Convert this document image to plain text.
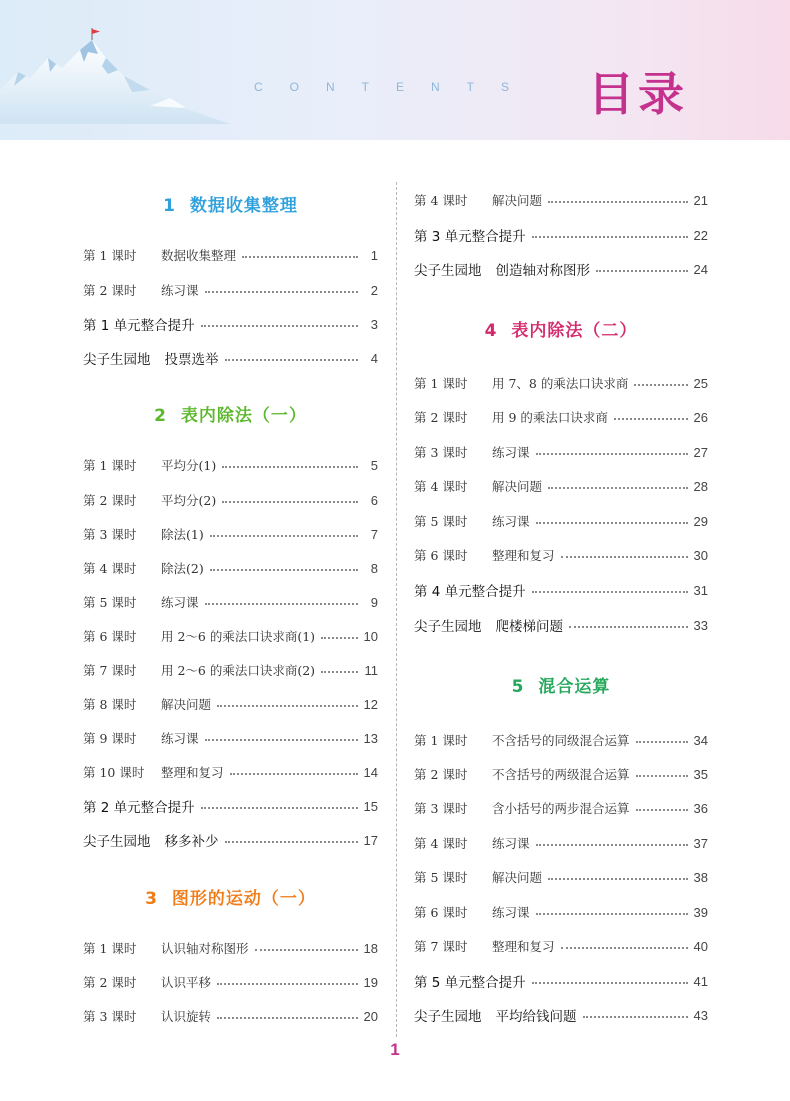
CONTENTS 目录
1 数据收集整理
第 1 课时 数据收集整理	1
第 2 课时 练习课	2
第 1 单元整合提升	3
尖子生园地 投票选举	4
2 表内除法（一）
第 1 课时 平均分(1)	5
第 2 课时 平均分(2)	6
第 3 课时 除法(1)	7
第 4 课时 除法(2)	8
第 5 课时 练习课	9
第 6 课时 用 2～6 的乘法口诀求商(1)	10
第 7 课时 用 2～6 的乘法口诀求商(2)	11
第 8 课时 解决问题	12
第 9 课时 练习课	13
第 10 课时 整理和复习	14
第 2 单元整合提升	15
尖子生园地 移多补少	17
3 图形的运动（一）
第 1 课时 认识轴对称图形	18
第 2 课时 认识平移	19
第 3 课时 认识旋转	20
第 4 课时 解决问题	21
第 3 单元整合提升	22
尖子生园地 创造轴对称图形	24
4 表内除法（二）
第 1 课时 用 7、8 的乘法口诀求商	25
第 2 课时 用 9 的乘法口诀求商	26
第 3 课时 练习课	27
第 4 课时 解决问题	28
第 5 课时 练习课	29
第 6 课时 整理和复习	30
第 4 单元整合提升	31
尖子生园地 爬楼梯问题	33
5 混合运算
第 1 课时 不含括号的同级混合运算	34
第 2 课时 不含括号的两级混合运算	35
第 3 课时 含小括号的两步混合运算	36
第 4 课时 练习课	37
第 5 课时 解决问题	38
第 6 课时 练习课	39
第 7 课时 整理和复习	40
第 5 单元整合提升	41
尖子生园地 平均给钱问题	43
1
